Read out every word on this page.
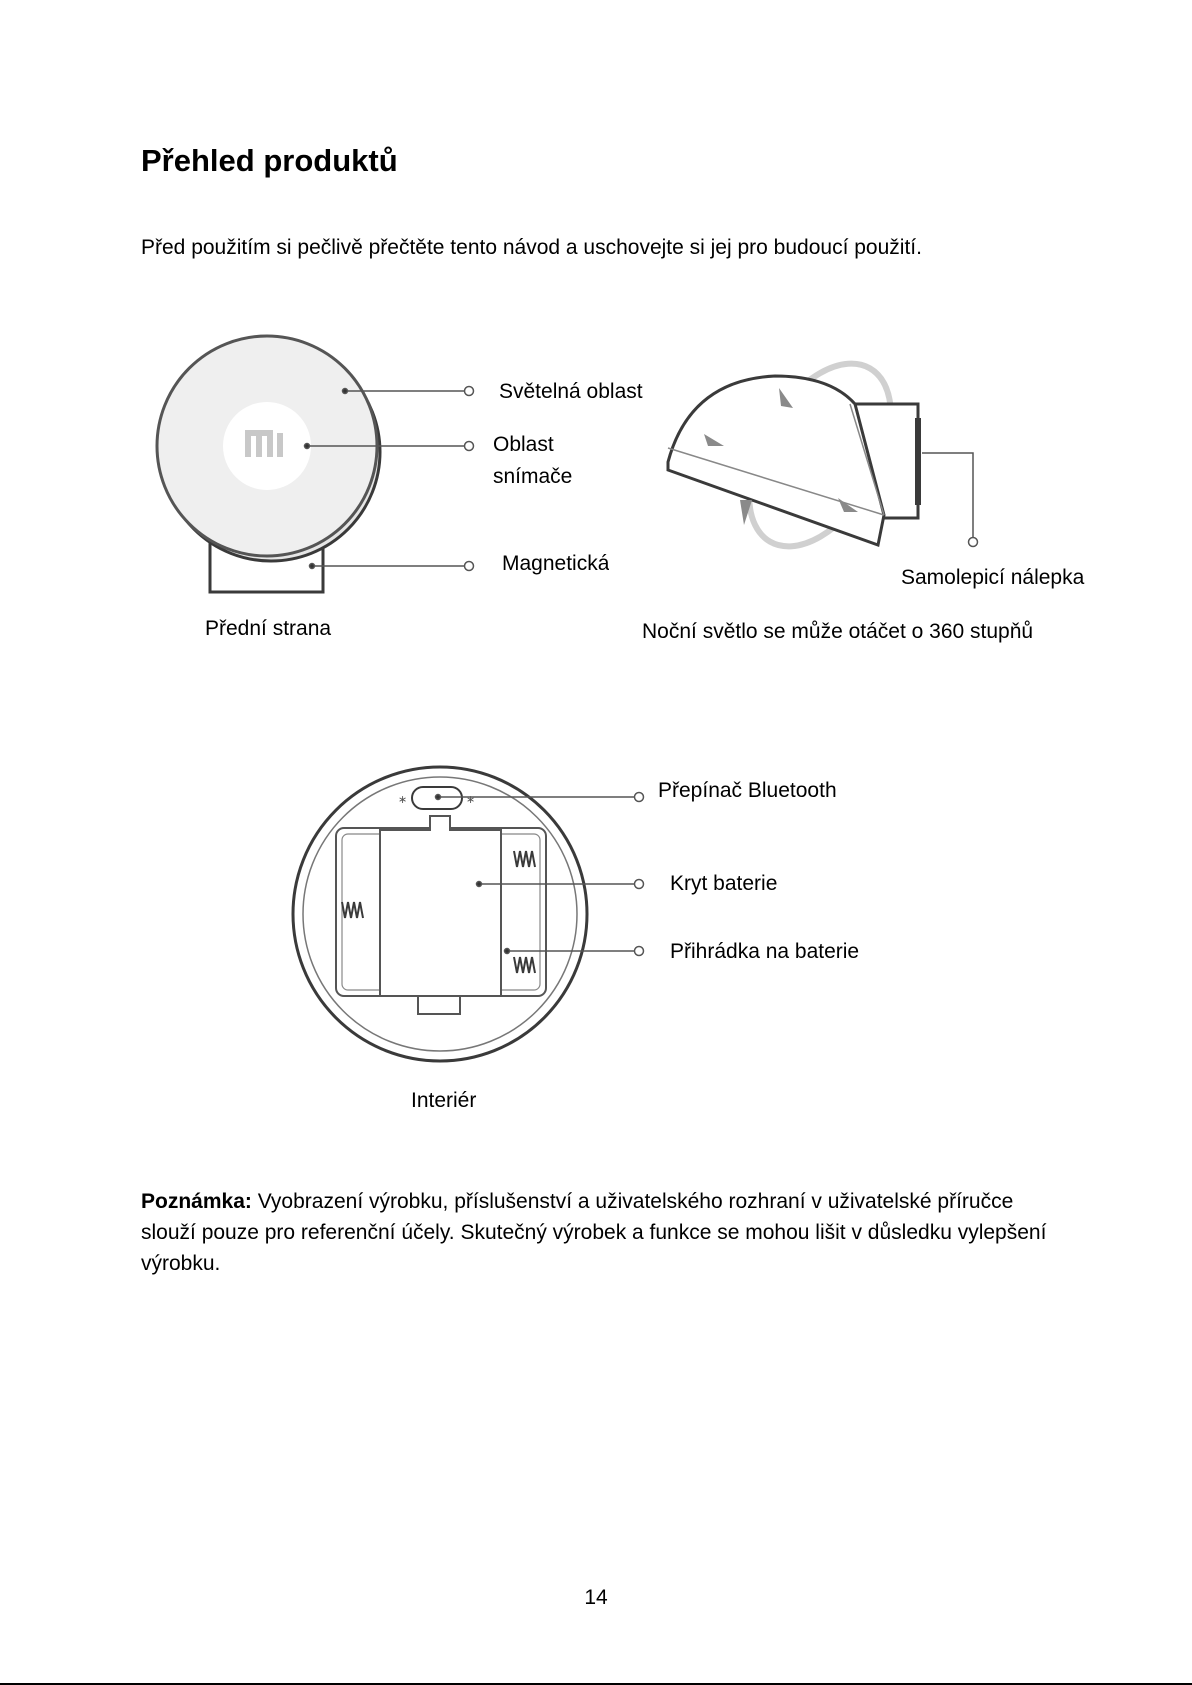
Přehled produktů
Před použitím si pečlivě přečtěte tento návod a uschovejte si jej pro budoucí použití.
∗	∗
Světelná oblast
Oblast
snímače
Magnetická
Přední strana
Samolepicí nálepka
Noční světlo se může otáčet o 360 stupňů
Přepínač Bluetooth
Kryt baterie
Přihrádka na baterie
Interiér
Poznámka: Vyobrazení výrobku, příslušenství a uživatelského rozhraní v uživatelské příručce slouží pouze pro referenční účely. Skutečný výrobek a funkce se mohou lišit v důsledku vylepšení výrobku.
14
